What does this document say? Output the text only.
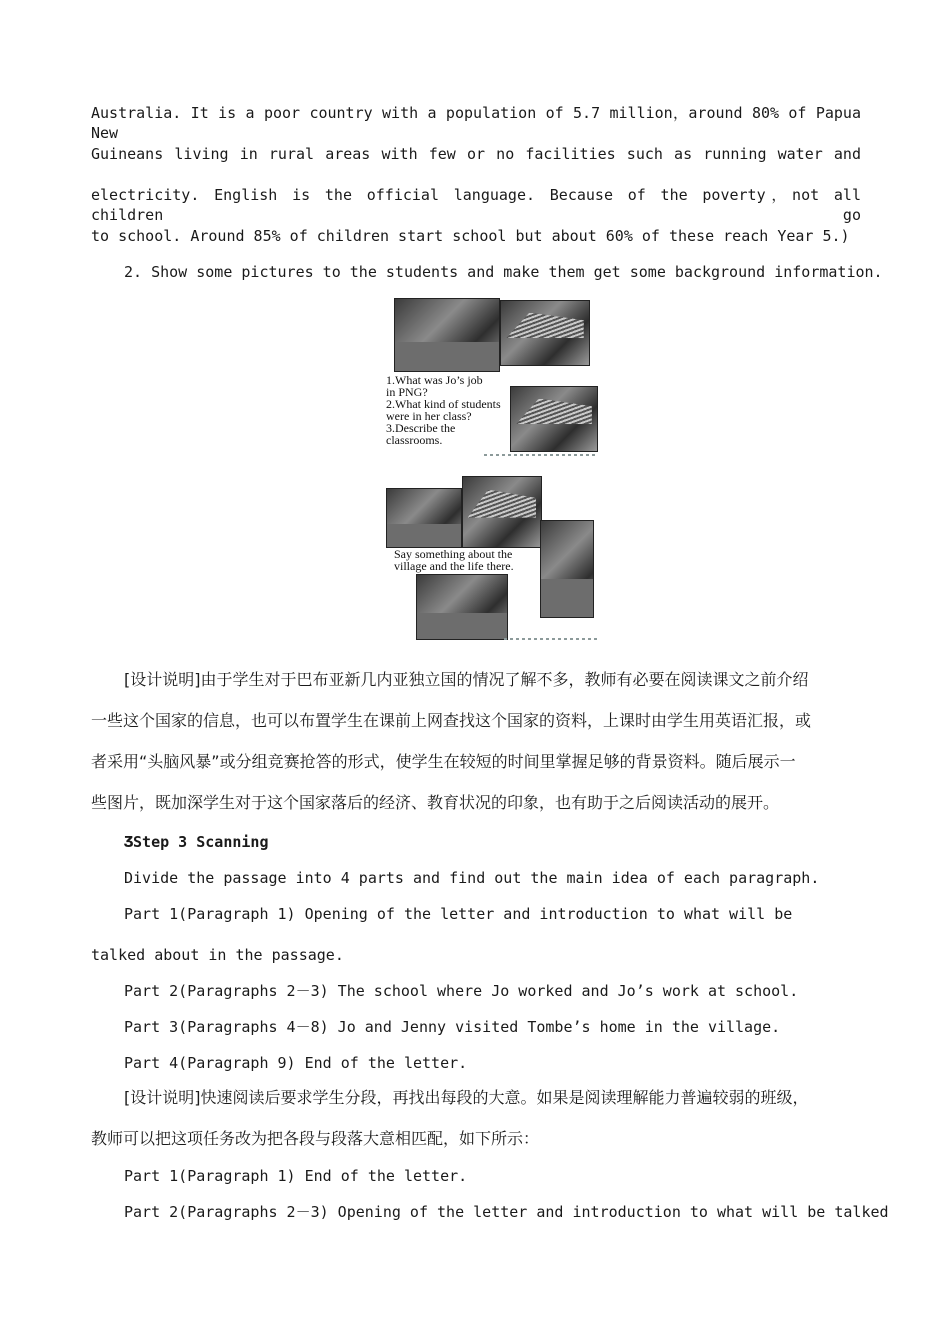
Australia. It is a poor country with a population of 5.7 million，around 80% of Papua New
Guineans living in rural areas with few or no facilities such as running water and
electricity. English is the official language. Because of the poverty，not all children go
to school. Around 85% of children start school but about 60% of these reach Year 5.)
2. Show some pictures to the students and make them get some background information.
1.What was Jo’s job
in PNG?
2.What kind of students
were in her class?
3.Describe the
classrooms.
Say something about the
village and the life there.
[设计说明]由于学生对于巴布亚新几内亚独立国的情况了解不多，教师有必要在阅读课文之前介绍
一些这个国家的信息，也可以布置学生在课前上网查找这个国家的资料，上课时由学生用英语汇报，或
者采用“头脑风暴”或分组竞赛抢答的形式，使学生在较短的时间里掌握足够的背景资料。随后展示一
些图片，既加深学生对于这个国家落后的经济、教育状况的印象，也有助于之后阅读活动的展开。
ƷStep 3 Scanning
Divide the passage into 4 parts and find out the main idea of each paragraph.
Part 1(Paragraph 1) Opening of the letter and introduction to what will be
talked about in the passage.
Part 2(Paragraphs 2－3) The school where Jo worked and Jo’s work at school.
Part 3(Paragraphs 4－8) Jo and Jenny visited Tombe’s home in the village.
Part 4(Paragraph 9) End of the letter.
[设计说明]快速阅读后要求学生分段，再找出每段的大意。如果是阅读理解能力普遍较弱的班级，
教师可以把这项任务改为把各段与段落大意相匹配，如下所示：
Part 1(Paragraph 1) End of the letter.
Part 2(Paragraphs 2－3) Opening of the letter and introduction to what will be talked
